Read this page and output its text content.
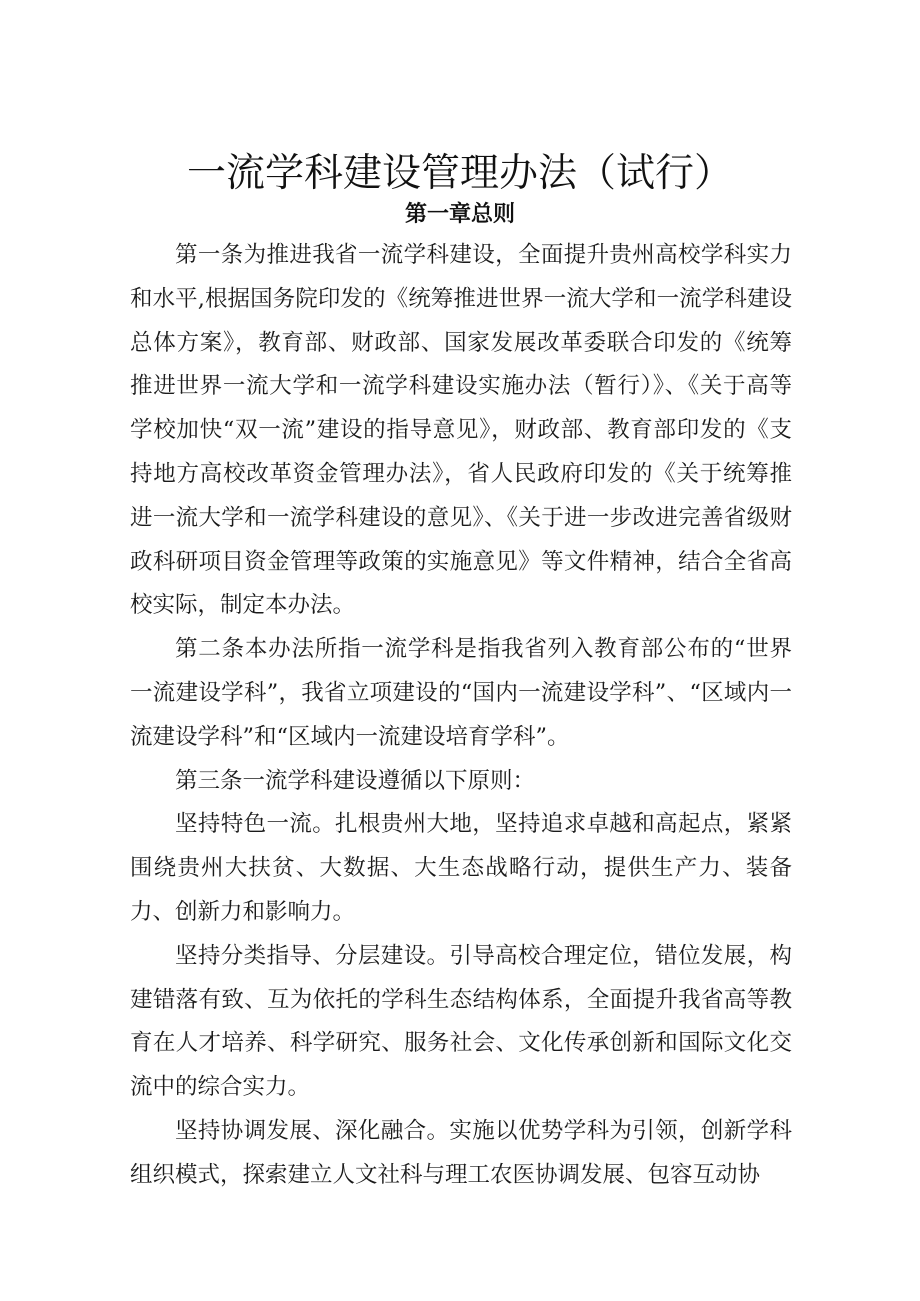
一流学科建设管理办法（试行）
第一章总则

第一条为推进我省一流学科建设，全面提升贵州高校学科实力和水平,根据国务院印发的《统筹推进世界一流大学和一流学科建设总体方案》，教育部、财政部、国家发展改革委联合印发的《统筹推进世界一流大学和一流学科建设实施办法（暂行）》、《关于高等学校加快“双一流”建设的指导意见》，财政部、教育部印发的《支持地方高校改革资金管理办法》，省人民政府印发的《关于统筹推进一流大学和一流学科建设的意见》、《关于进一步改进完善省级财政科研项目资金管理等政策的实施意见》等文件精神，结合全省高校实际，制定本办法。

第二条本办法所指一流学科是指我省列入教育部公布的“世界一流建设学科”，我省立项建设的“国内一流建设学科”、“区域内一流建设学科”和“区域内一流建设培育学科”。

第三条一流学科建设遵循以下原则：

坚持特色一流。扎根贵州大地，坚持追求卓越和高起点，紧紧围绕贵州大扶贫、大数据、大生态战略行动，提供生产力、装备力、创新力和影响力。

坚持分类指导、分层建设。引导高校合理定位，错位发展，构建错落有致、互为依托的学科生态结构体系，全面提升我省高等教育在人才培养、科学研究、服务社会、文化传承创新和国际文化交流中的综合实力。

坚持协调发展、深化融合。实施以优势学科为引领，创新学科组织模式，探索建立人文社科与理工农医协调发展、包容互动协
